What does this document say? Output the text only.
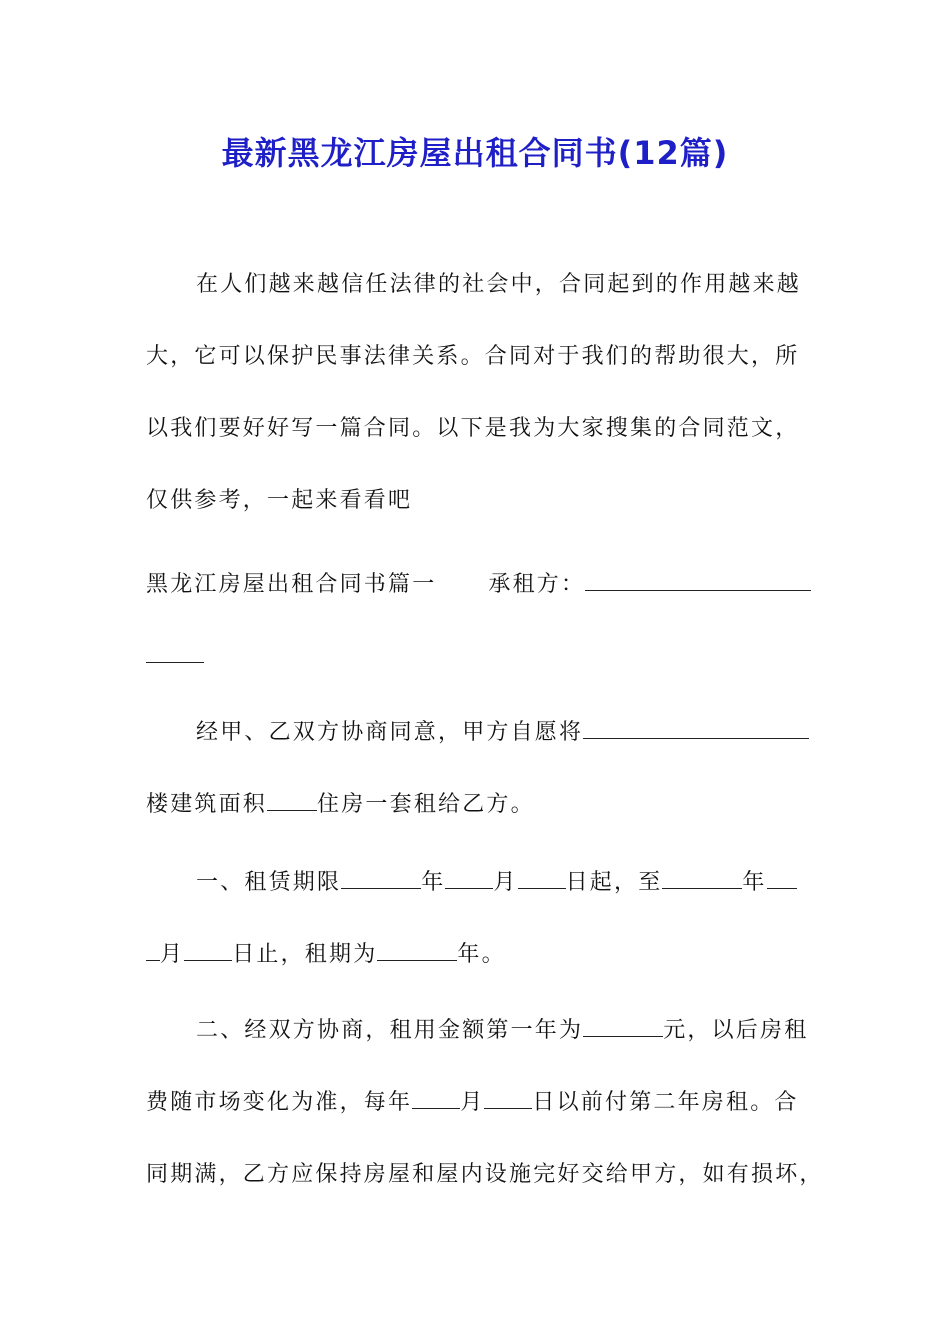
最新黑龙江房屋出租合同书(12篇)
在人们越来越信任法律的社会中，合同起到的作用越来越
大，它可以保护民事法律关系。合同对于我们的帮助很大，所
以我们要好好写一篇合同。以下是我为大家搜集的合同范文，
仅供参考，一起来看看吧
黑龙江房屋出租合同书篇一 承租方：
经甲、乙双方协商同意，甲方自愿将
楼建筑面积 住房一套租给乙方。
一、租赁期限	年 月 日起，至	年
月 日止，租期为	年。
二、经双方协商，租用金额第一年为	元，以后房租
费随市场变化为准，每年 月 日以前付第二年房租。合
同期满，乙方应保持房屋和屋内设施完好交给甲方，如有损坏，
